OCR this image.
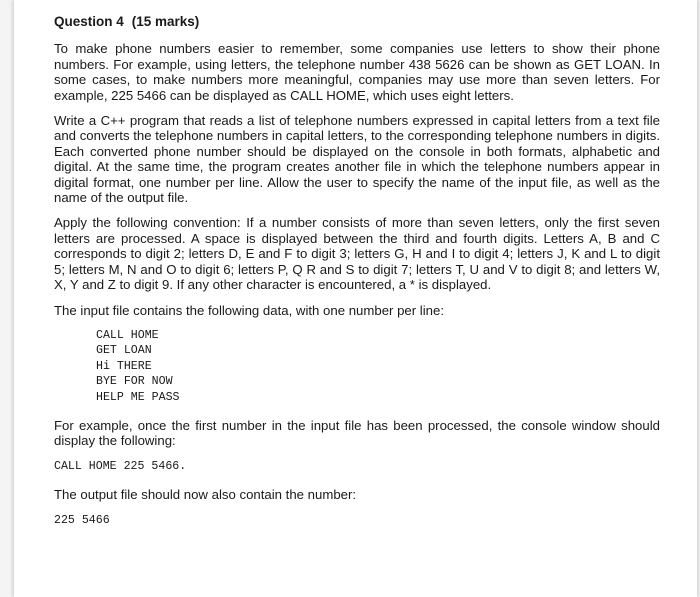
Question 4 (15 marks)

To make phone numbers easier to remember, some companies use letters to show their phone numbers. For example, using letters, the telephone number 438 5626 can be shown as GET LOAN. In some cases, to make numbers more meaningful, companies may use more than seven letters. For example, 225 5466 can be displayed as CALL HOME, which uses eight letters.

Write a C++ program that reads a list of telephone numbers expressed in capital letters from a text file and converts the telephone numbers in capital letters, to the corresponding telephone numbers in digits. Each converted phone number should be displayed on the console in both formats, alphabetic and digital. At the same time, the program creates another file in which the telephone numbers appear in digital format, one number per line. Allow the user to specify the name of the input file, as well as the name of the output file.

Apply the following convention: If a number consists of more than seven letters, only the first seven letters are processed. A space is displayed between the third and fourth digits. Letters A, B and C corresponds to digit 2; letters D, E and F to digit 3; letters G, H and I to digit 4; letters J, K and L to digit 5; letters M, N and O to digit 6; letters P, Q R and S to digit 7; letters T, U and V to digit 8; and letters W, X, Y and Z to digit 9. If any other character is encountered, a * is displayed.

The input file contains the following data, with one number per line:

CALL HOME
GET LOAN
Hi THERE
BYE FOR NOW
HELP ME PASS

For example, once the first number in the input file has been processed, the console window should display the following:

CALL HOME 225 5466.

The output file should now also contain the number:

225 5466
